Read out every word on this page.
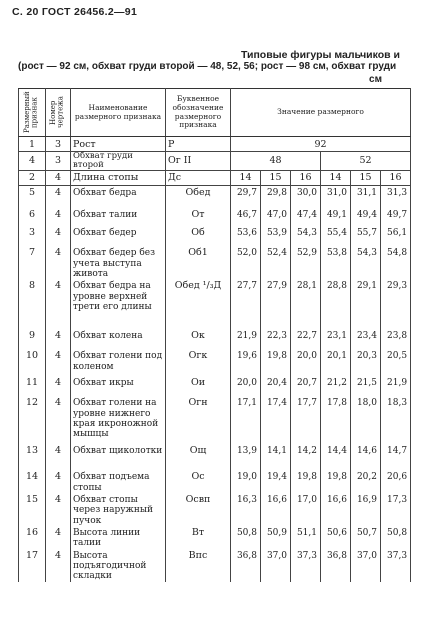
С. 20 ГОСТ 26456.2—91
Типовые фигуры мальчиков и
(рост — 92 см, обхват груди второй — 48, 52, 56; рост — 98 см, обхват груди
см
Размерный признак	Номер чертежа	Наименование размерного признака	Буквенное обозначение размерного признака	Значение размерного					
1	3	Рост	P	92					
4	3	Обхват груди второй	Oг II	48			52		
2	4	Длина стопы	Дс	14	15	16	14	15	16
5	4	Обхват бедра	Oбед	29,7	29,8	30,0	31,0	31,1	31,3
6	4	Обхват талии	Oт	46,7	47,0	47,4	49,1	49,4	49,7
3	4	Обхват бедер	Oб	53,6	53,9	54,3	55,4	55,7	56,1
7	4	Обхват бедер без учета выступа живота	Oб1	52,0	52,4	52,9	53,8	54,3	54,8
8	4	Обхват бедра на уровне верхней трети его длины	Oбед ¹/₃Д	27,7	27,9	28,1	28,8	29,1	29,3
9	4	Обхват колена	Oк	21,9	22,3	22,7	23,1	23,4	23,8
10	4	Обхват голени под коленом	Oгк	19,6	19,8	20,0	20,1	20,3	20,5
11	4	Обхват икры	Oи	20,0	20,4	20,7	21,2	21,5	21,9
12	4	Обхват голени на уровне нижнего края икроножной мышцы	Oгн	17,1	17,4	17,7	17,8	18,0	18,3
13	4	Обхват щиколотки	Oщ	13,9	14,1	14,2	14,4	14,6	14,7
14	4	Обхват подъема стопы	Oс	19,0	19,4	19,8	19,8	20,2	20,6
15	4	Обхват стопы через наружный пучок	Oсвп	16,3	16,6	17,0	16,6	16,9	17,3
16	4	Высота линии талии	Bт	50,8	50,9	51,1	50,6	50,7	50,8
17	4	Высота подъягодичной складки	Bпс	36,8	37,0	37,3	36,8	37,0	37,3
